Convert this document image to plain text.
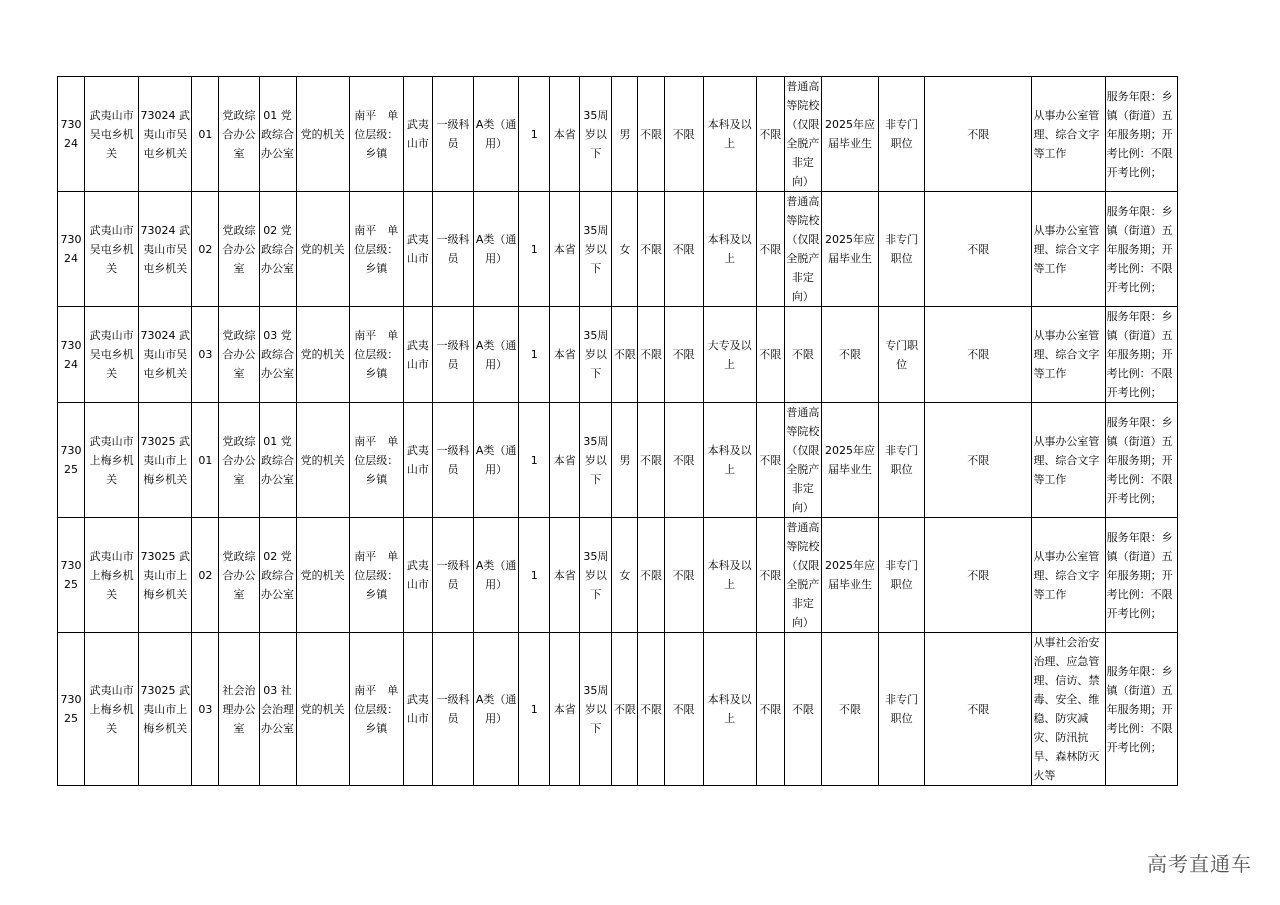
73024	武夷山市吴屯乡机关	73024 武夷山市吴屯乡机关	01	党政综合办公室	01 党政综合办公室	党的机关	南平　单位层级：乡镇	武夷山市	一级科员	A类（通用）	1	本省	35周岁以下	男	不限	不限	本科及以上	不限	普通高等院校（仅限全脱产非定向）	2025年应届毕业生	非专门职位	不限	从事办公室管理、综合文字等工作	服务年限：乡镇（街道）五年服务期；开考比例：不限开考比例；
73024	武夷山市吴屯乡机关	73024 武夷山市吴屯乡机关	02	党政综合办公室	02 党政综合办公室	党的机关	南平　单位层级：乡镇	武夷山市	一级科员	A类（通用）	1	本省	35周岁以下	女	不限	不限	本科及以上	不限	普通高等院校（仅限全脱产非定向）	2025年应届毕业生	非专门职位	不限	从事办公室管理、综合文字等工作	服务年限：乡镇（街道）五年服务期；开考比例：不限开考比例；
73024	武夷山市吴屯乡机关	73024 武夷山市吴屯乡机关	03	党政综合办公室	03 党政综合办公室	党的机关	南平　单位层级：乡镇	武夷山市	一级科员	A类（通用）	1	本省	35周岁以下	不限	不限	不限	大专及以上	不限	不限	不限	专门职位	不限	从事办公室管理、综合文字等工作	服务年限：乡镇（街道）五年服务期；开考比例：不限开考比例；
73025	武夷山市上梅乡机关	73025 武夷山市上梅乡机关	01	党政综合办公室	01 党政综合办公室	党的机关	南平　单位层级：乡镇	武夷山市	一级科员	A类（通用）	1	本省	35周岁以下	男	不限	不限	本科及以上	不限	普通高等院校（仅限全脱产非定向）	2025年应届毕业生	非专门职位	不限	从事办公室管理、综合文字等工作	服务年限：乡镇（街道）五年服务期；开考比例：不限开考比例；
73025	武夷山市上梅乡机关	73025 武夷山市上梅乡机关	02	党政综合办公室	02 党政综合办公室	党的机关	南平　单位层级：乡镇	武夷山市	一级科员	A类（通用）	1	本省	35周岁以下	女	不限	不限	本科及以上	不限	普通高等院校（仅限全脱产非定向）	2025年应届毕业生	非专门职位	不限	从事办公室管理、综合文字等工作	服务年限：乡镇（街道）五年服务期；开考比例：不限开考比例；
73025	武夷山市上梅乡机关	73025 武夷山市上梅乡机关	03	社会治理办公室	03 社会治理办公室	党的机关	南平　单位层级：乡镇	武夷山市	一级科员	A类（通用）	1	本省	35周岁以下	不限	不限	不限	本科及以上	不限	不限	不限	非专门职位	不限	从事社会治安治理、应急管理、信访、禁毒、安全、维稳、防灾减灾、防汛抗旱、森林防灭火等	服务年限：乡镇（街道）五年服务期；开考比例：不限开考比例；
高考直通车
